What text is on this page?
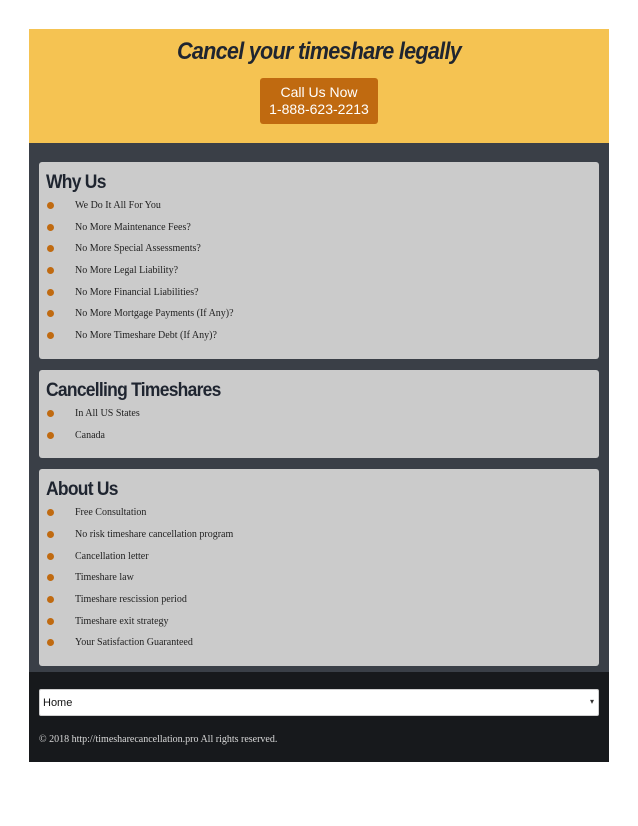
Cancel your timeshare legally
Call Us Now
1-888-623-2213
Why Us
We Do It All For You
No More Maintenance Fees?
No More Special Assessments?
No More Legal Liability?
No More Financial Liabilities?
No More Mortgage Payments (If Any)?
No More Timeshare Debt (If Any)?
Cancelling Timeshares
In All US States
Canada
About Us
Free Consultation
No risk timeshare cancellation program
Cancellation letter
Timeshare law
Timeshare rescission period
Timeshare exit strategy
Your Satisfaction Guaranteed
Home	▾
© 2018 http://timesharecancellation.pro All rights reserved.
